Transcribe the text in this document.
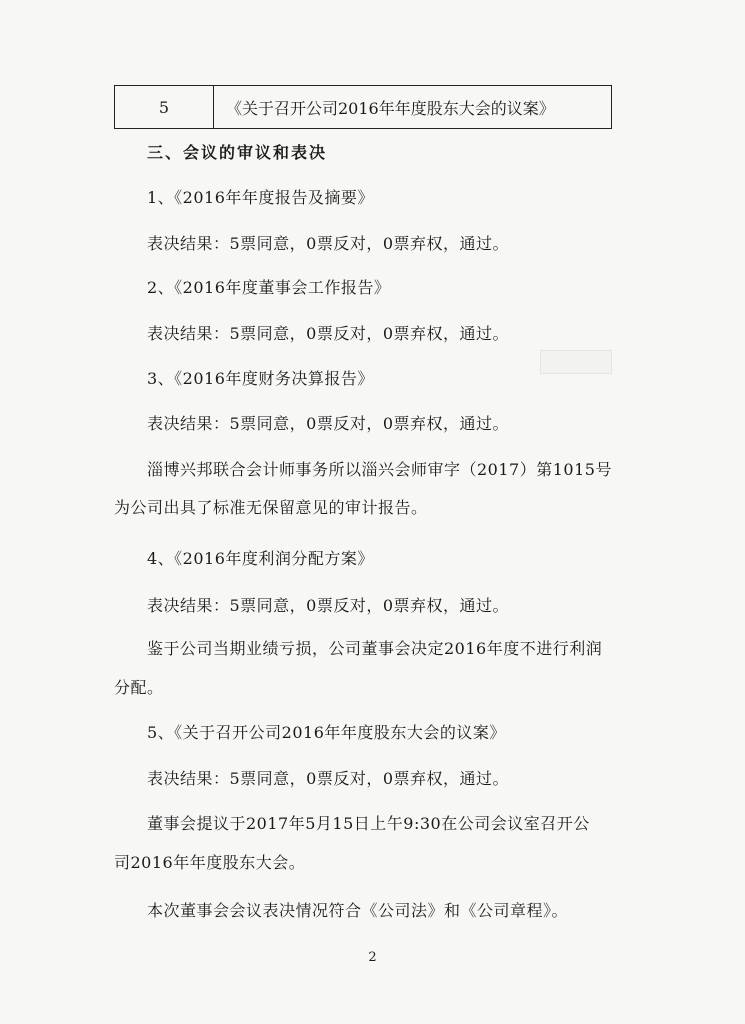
5	《关于召开公司2016年年度股东大会的议案》
三、会议的审议和表决
1、《2016年年度报告及摘要》
表决结果：5票同意，0票反对，0票弃权，通过。
2、《2016年度董事会工作报告》
表决结果：5票同意，0票反对，0票弃权，通过。
3、《2016年度财务决算报告》
表决结果：5票同意，0票反对，0票弃权，通过。
淄博兴邦联合会计师事务所以淄兴会师审字（2017）第1015号
为公司出具了标准无保留意见的审计报告。
4、《2016年度利润分配方案》
表决结果：5票同意，0票反对，0票弃权，通过。
鉴于公司当期业绩亏损，公司董事会决定2016年度不进行利润
分配。
5、《关于召开公司2016年年度股东大会的议案》
表决结果：5票同意，0票反对，0票弃权，通过。
董事会提议于2017年5月15日上午9:30在公司会议室召开公
司2016年年度股东大会。
本次董事会会议表决情况符合《公司法》和《公司章程》。
2
